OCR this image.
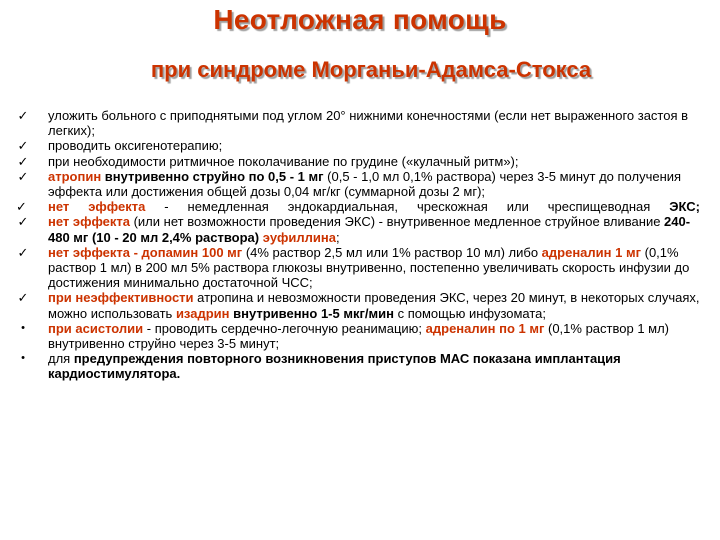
Неотложная помощь
при синдроме Морганьи-Адамса-Стокса
✓ уложить больного с приподнятыми под углом 20° нижними конечностями (если нет выраженного застоя в легких);
✓ проводить оксигенотерапию;
✓ при необходимости ритмичное поколачивание по грудине («кулачный ритм»);
✓ атропин внутривенно струйно по 0,5 - 1 мг (0,5 - 1,0 мл 0,1% раствора) через 3-5 минут до получения эффекта или достижения общей дозы 0,04 мг/кг (суммарной дозы 2 мг);
✓ нет эффекта - немедленная эндокардиальная, чрескожная или чреспищеводная ЭКС;
✓ нет эффекта (или нет возможности проведения ЭКС) - внутривенное медленное струйное вливание 240-480 мг (10 - 20 мл 2,4% раствора) эуфиллина;
✓ нет эффекта - допамин 100 мг (4% раствор 2,5 мл или 1% раствор 10 мл) либо адреналин 1 мг (0,1% раствор 1 мл) в 200 мл 5% раствора глюкозы внутривенно, постепенно увеличивать скорость инфузии до достижения минимально достаточной ЧСС;
✓ при неэффективности атропина и невозможности проведения ЭКС, через 20 минут, в некоторых случаях, можно использовать изадрин внутривенно 1-5 мкг/мин с помощью инфузомата;
•	при асистолии - проводить сердечно-легочную реанимацию; адреналин по 1 мг (0,1% раствор 1 мл) внутривенно струйно через 3-5 минут;
•	для предупреждения повторного возникновения приступов МАС показана имплантация кардиостимулятора.
